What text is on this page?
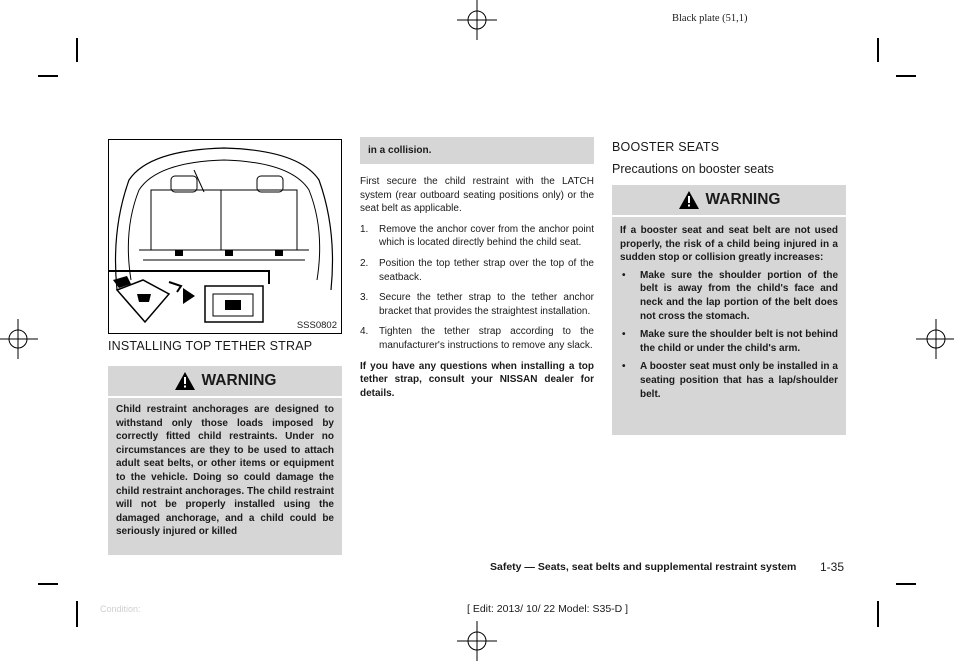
Black plate (51,1)
SSS0802
INSTALLING TOP TETHER STRAP
WARNING
Child restraint anchorages are designed to withstand only those loads imposed by correctly fitted child restraints. Under no circumstances are they to be used to attach adult seat belts, or other items or equipment to the vehicle. Doing so could damage the child restraint anchorages. The child restraint will not be properly installed using the damaged anchorage, and a child could be seriously injured or killed
in a collision.

First secure the child restraint with the LATCH system (rear outboard seating positions only) or the seat belt as applicable.

1. Remove the anchor cover from the anchor point which is located directly behind the child seat.
2. Position the top tether strap over the top of the seatback.
3. Secure the tether strap to the tether anchor bracket that provides the straightest installation.
4. Tighten the tether strap according to the manufacturer's instructions to remove any slack.

If you have any questions when installing a top tether strap, consult your NISSAN dealer for details.

BOOSTER SEATS
Precautions on booster seats
WARNING
If a booster seat and seat belt are not used properly, the risk of a child being injured in a sudden stop or collision greatly increases:
• Make sure the shoulder portion of the belt is away from the child's face and neck and the lap portion of the belt does not cross the stomach.
• Make sure the shoulder belt is not behind the child or under the child's arm.
• A booster seat must only be installed in a seating position that has a lap/shoulder belt.
Safety — Seats, seat belts and supplemental restraint system 1-35
Condition:	[ Edit: 2013/ 10/ 22 Model: S35-D ]
